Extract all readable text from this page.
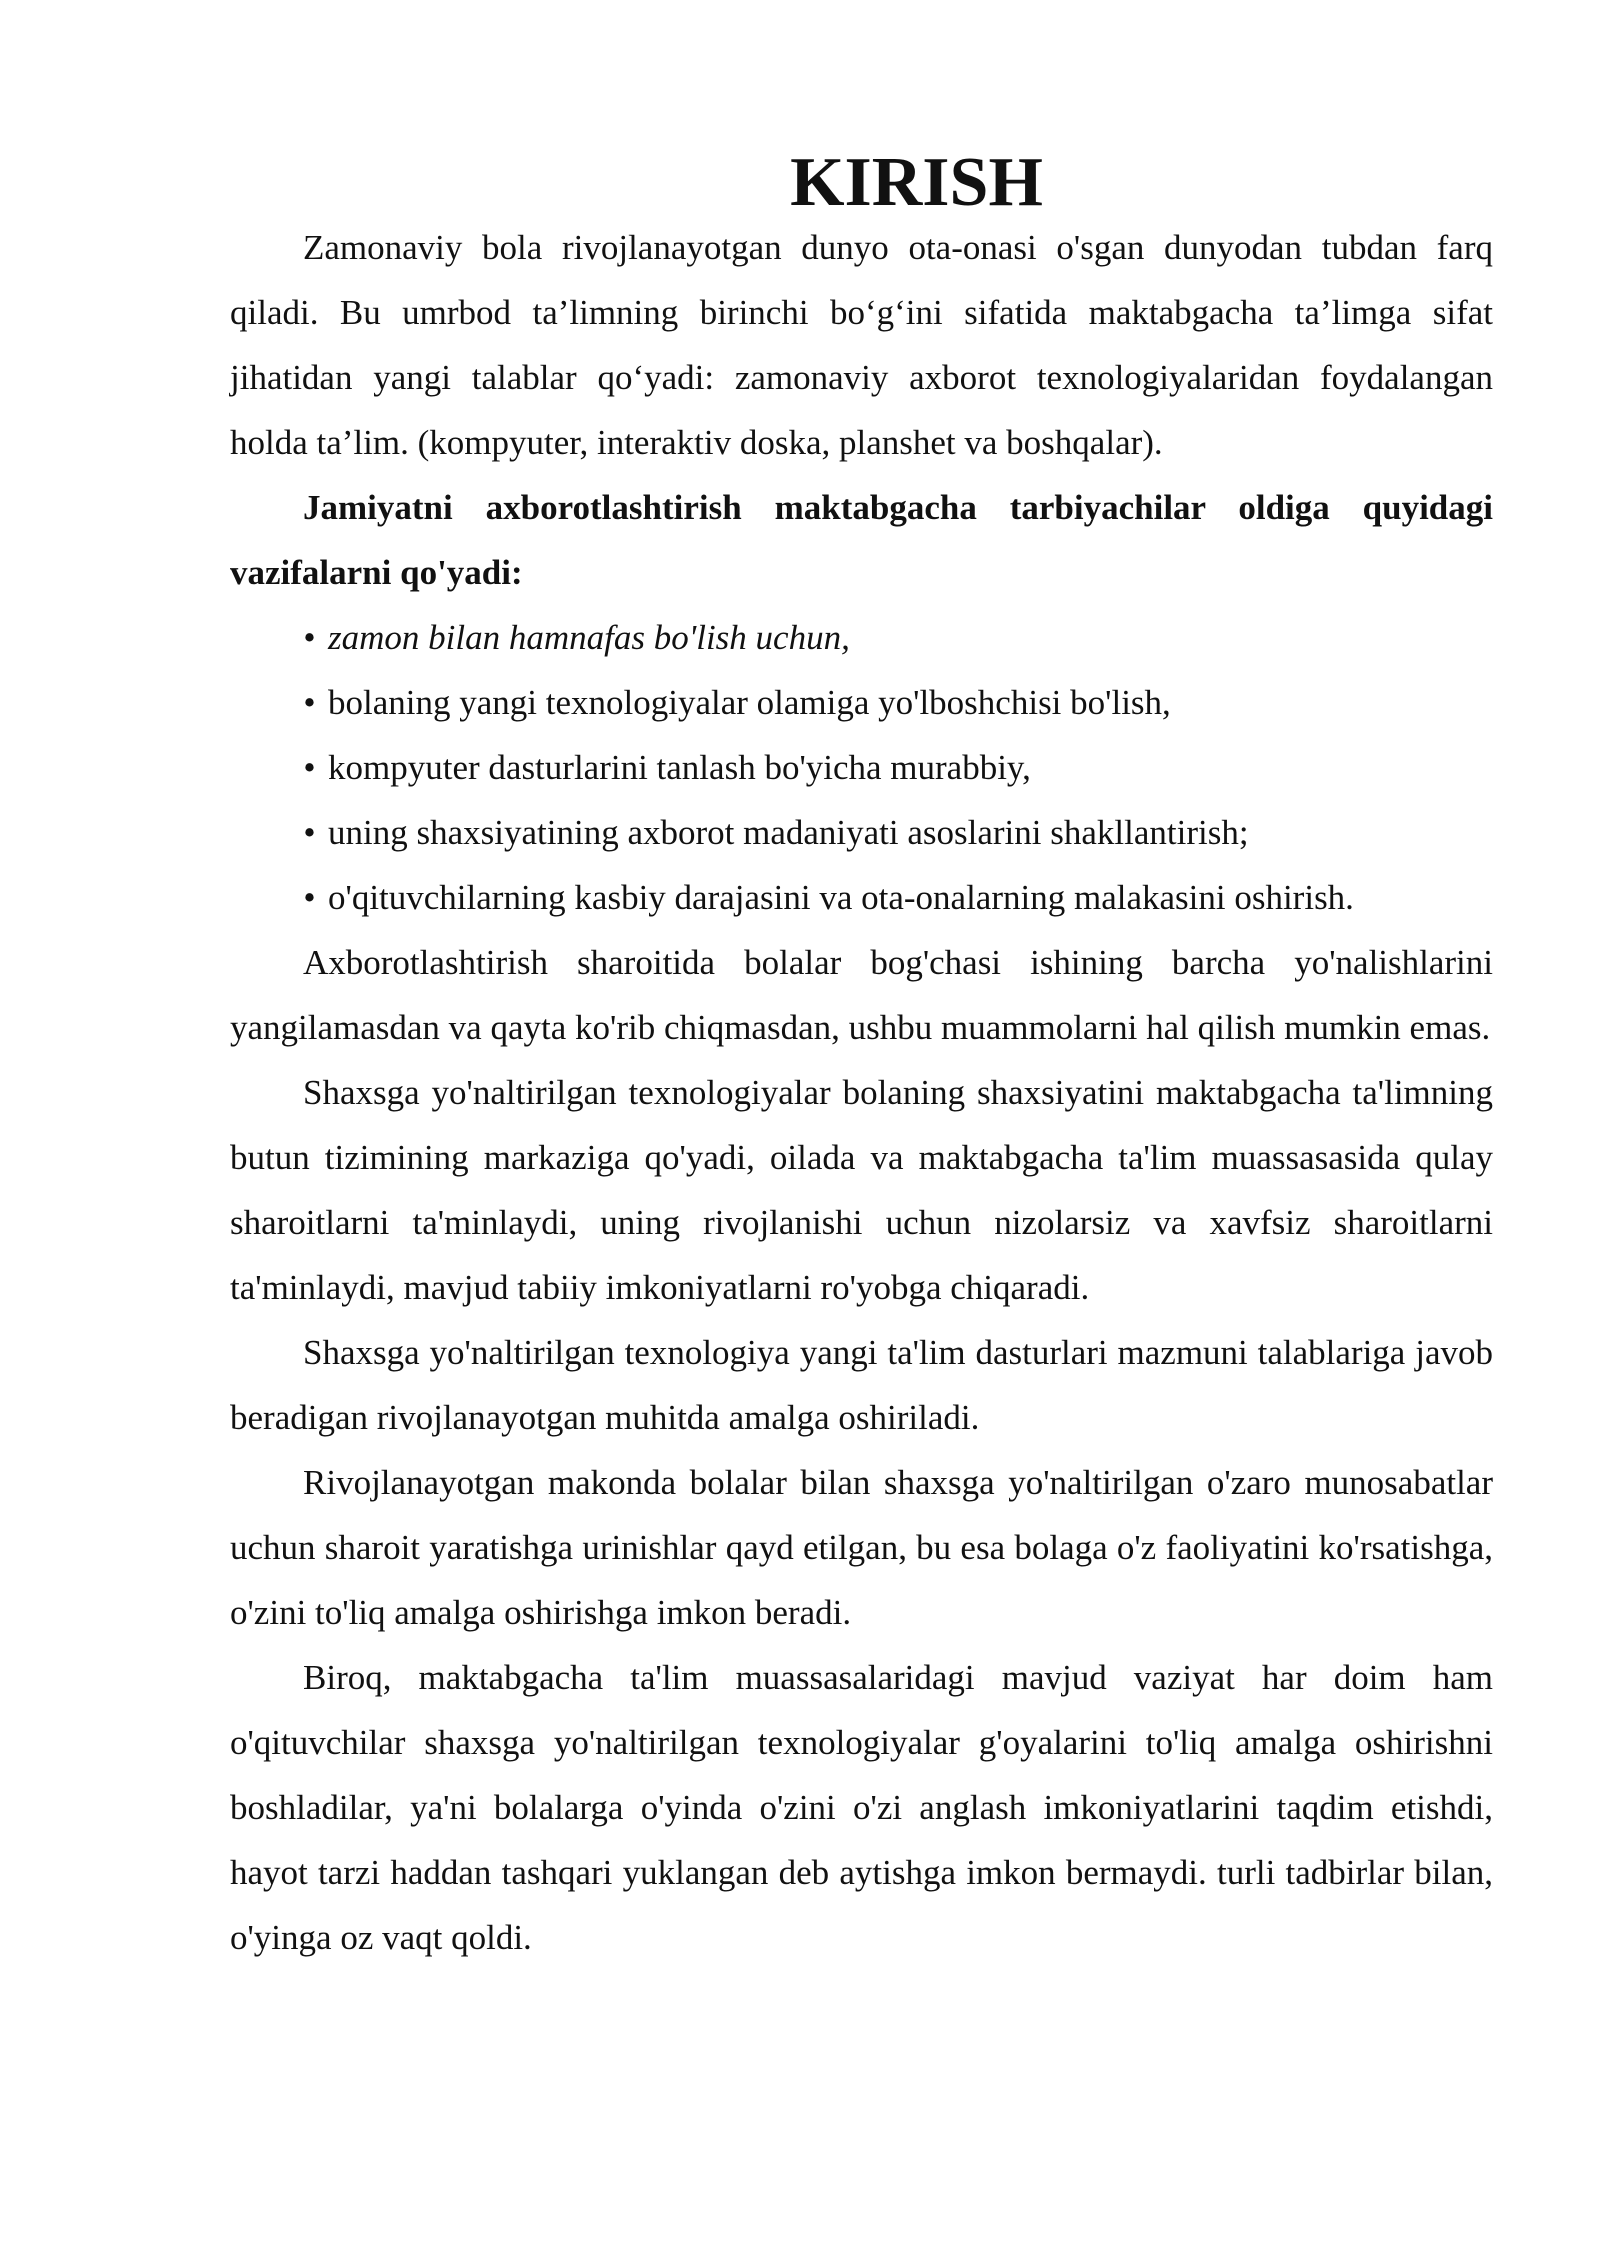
KIRISH

Zamonaviy bola rivojlanayotgan dunyo ota-onasi o'sgan dunyodan tubdan farq qiladi. Bu umrbod ta’limning birinchi bo‘g‘ini sifatida maktabgacha ta’limga sifat jihatidan yangi talablar qo‘yadi: zamonaviy axborot texnologiyalaridan foydalangan holda ta’lim. (kompyuter, interaktiv doska, planshet va boshqalar).

Jamiyatni axborotlashtirish maktabgacha tarbiyachilar oldiga quyidagi vazifalarni qo'yadi:

• zamon bilan hamnafas bo'lish uchun,
• bolaning yangi texnologiyalar olamiga yo'lboshchisi bo'lish,
• kompyuter dasturlarini tanlash bo'yicha murabbiy,
• uning shaxsiyatining axborot madaniyati asoslarini shakllantirish;
• o'qituvchilarning kasbiy darajasini va ota-onalarning malakasini oshirish.

Axborotlashtirish sharoitida bolalar bog'chasi ishining barcha yo'nalishlarini yangilamasdan va qayta ko'rib chiqmasdan, ushbu muammolarni hal qilish mumkin emas.

Shaxsga yo'naltirilgan texnologiyalar bolaning shaxsiyatini maktabgacha ta'limning butun tizimining markaziga qo'yadi, oilada va maktabgacha ta'lim muassasasida qulay sharoitlarni ta'minlaydi, uning rivojlanishi uchun nizolarsiz va xavfsiz sharoitlarni ta'minlaydi, mavjud tabiiy imkoniyatlarni ro'yobga chiqaradi.

Shaxsga yo'naltirilgan texnologiya yangi ta'lim dasturlari mazmuni talablariga javob beradigan rivojlanayotgan muhitda amalga oshiriladi.

Rivojlanayotgan makonda bolalar bilan shaxsga yo'naltirilgan o'zaro munosabatlar uchun sharoit yaratishga urinishlar qayd etilgan, bu esa bolaga o'z faoliyatini ko'rsatishga, o'zini to'liq amalga oshirishga imkon beradi.

Biroq, maktabgacha ta'lim muassasalaridagi mavjud vaziyat har doim ham o'qituvchilar shaxsga yo'naltirilgan texnologiyalar g'oyalarini to'liq amalga oshirishni boshladilar, ya'ni bolalarga o'yinda o'zini o'zi anglash imkoniyatlarini taqdim etishdi, hayot tarzi haddan tashqari yuklangan deb aytishga imkon bermaydi. turli tadbirlar bilan, o'yinga oz vaqt qoldi.
